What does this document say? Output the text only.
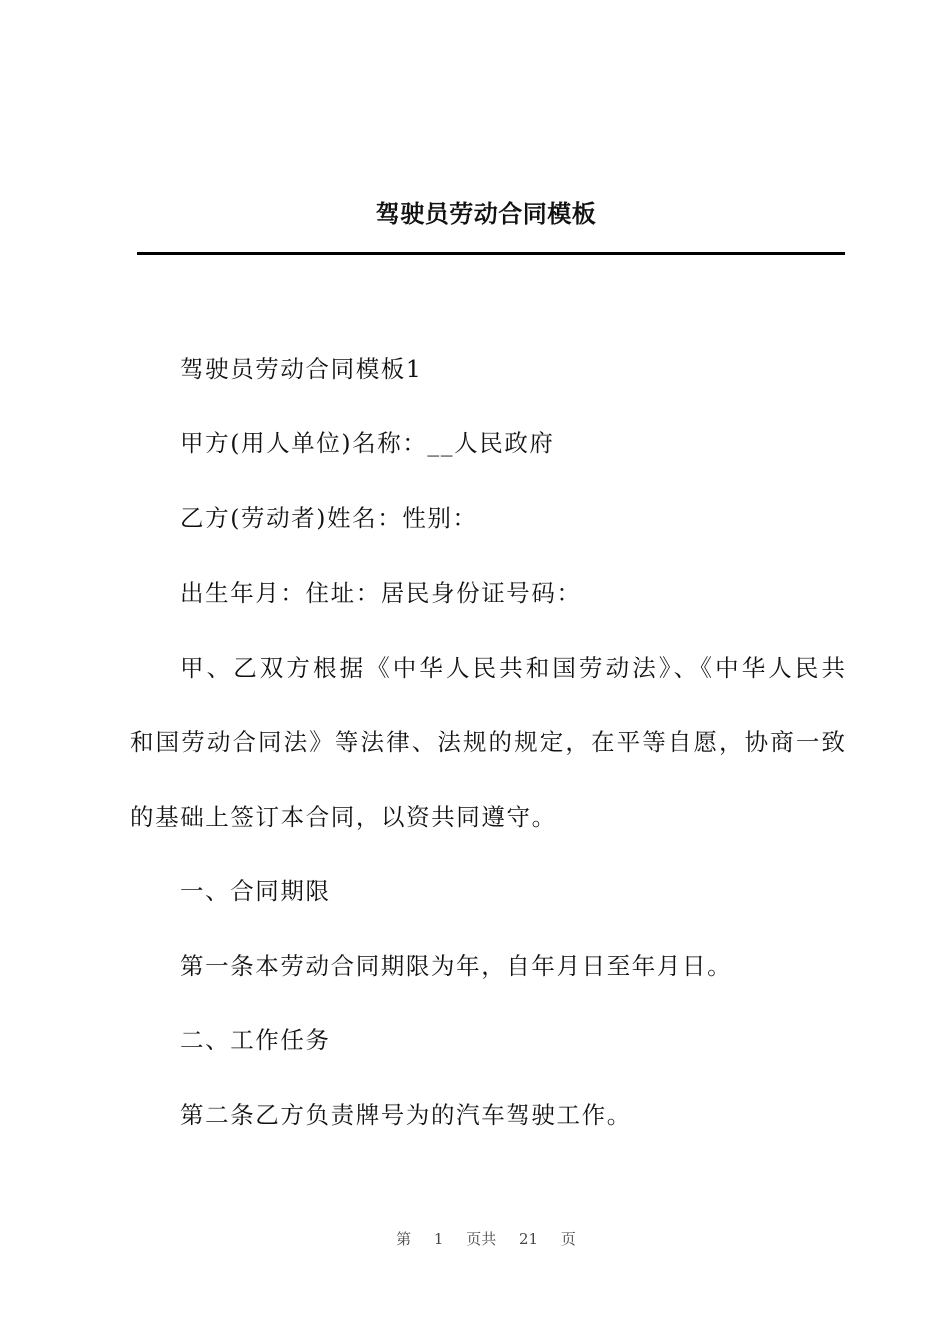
驾驶员劳动合同模板

驾驶员劳动合同模板1

甲方(用人单位)名称：__人民政府

乙方(劳动者)姓名：性别：

出生年月：住址：居民身份证号码：

甲、乙双方根据《中华人民共和国劳动法》、《中华人民共

和国劳动合同法》等法律、法规的规定，在平等自愿，协商一致

的基础上签订本合同，以资共同遵守。

一、合同期限

第一条本劳动合同期限为年，自年月日至年月日。

二、工作任务

第二条乙方负责牌号为的汽车驾驶工作。

第 1 页共 21 页
